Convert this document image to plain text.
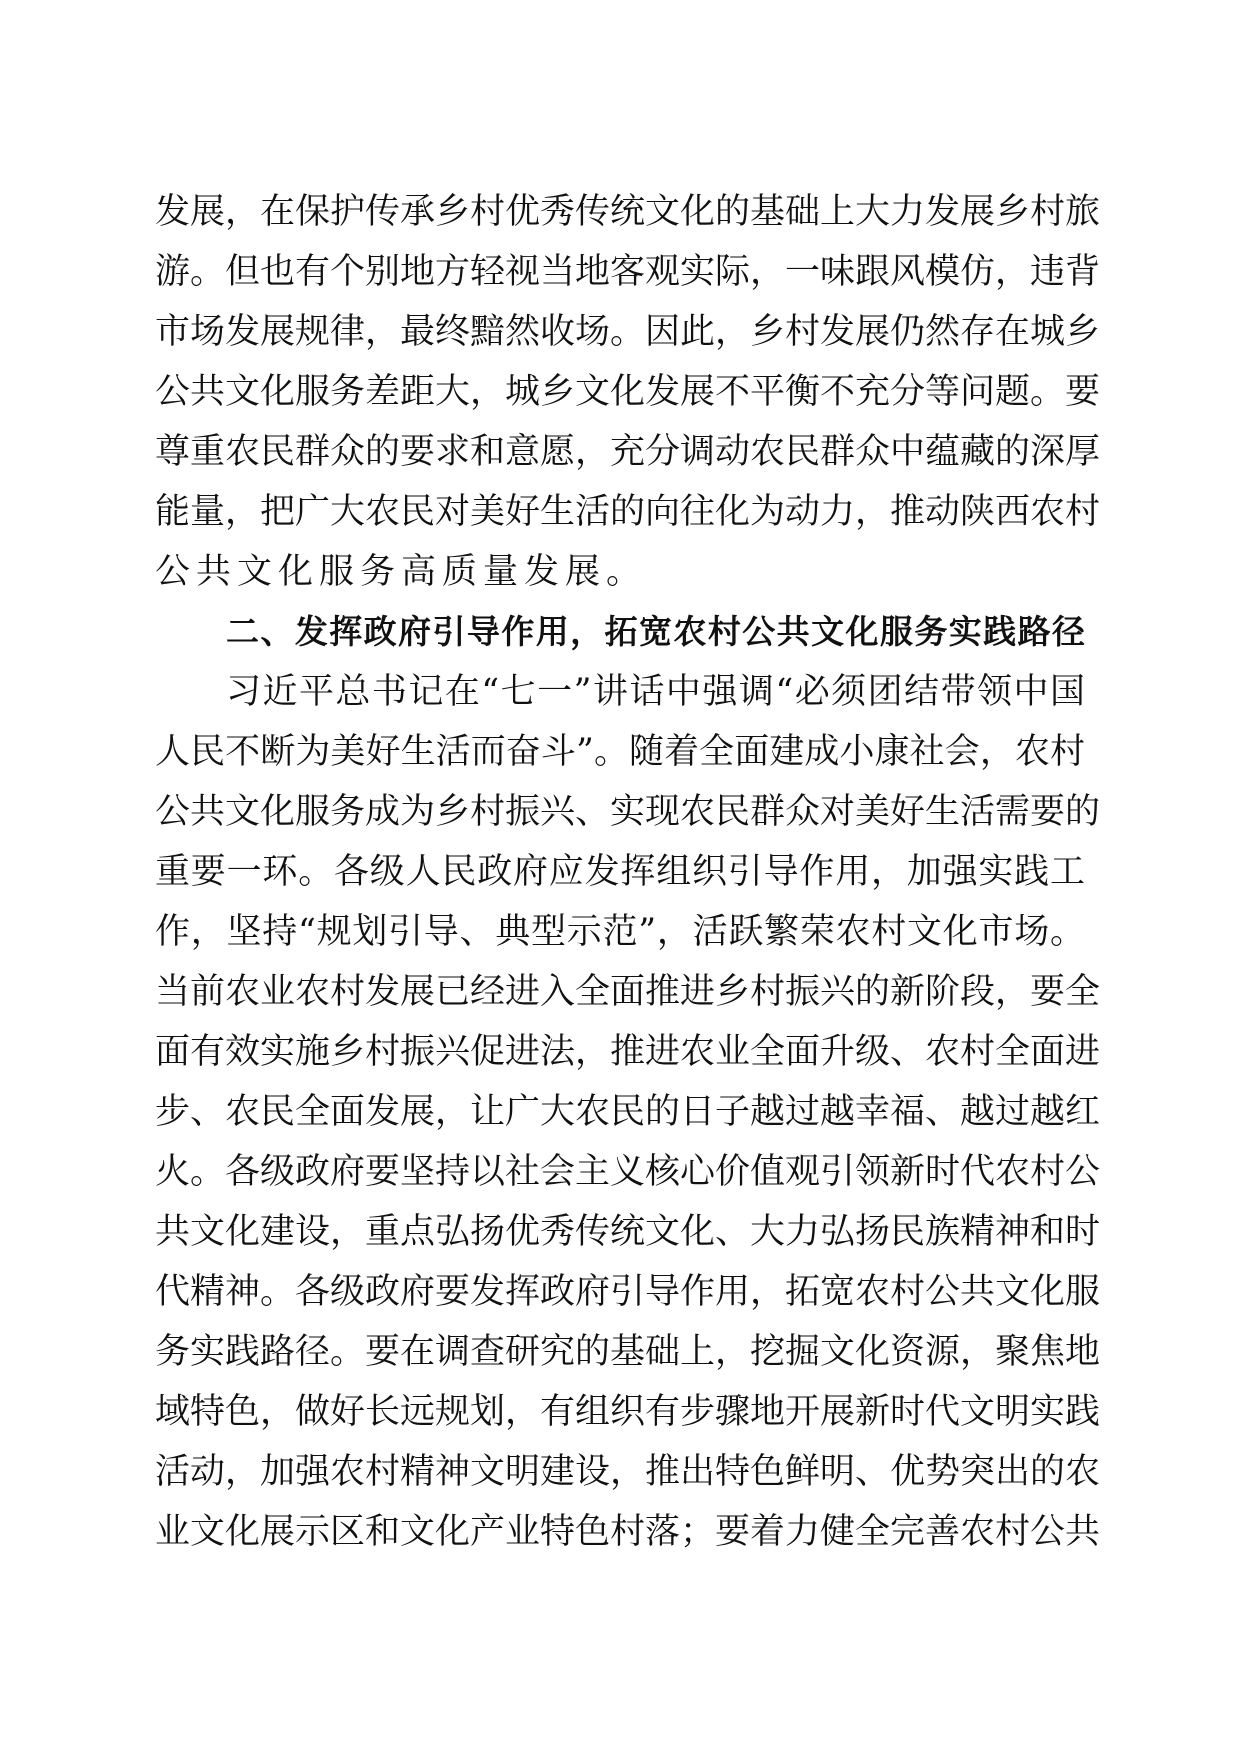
发展，在保护传承乡村优秀传统文化的基础上大力发展乡村旅
游。但也有个别地方轻视当地客观实际，一味跟风模仿，违背
市场发展规律，最终黯然收场。因此，乡村发展仍然存在城乡
公共文化服务差距大，城乡文化发展不平衡不充分等问题。要
尊重农民群众的要求和意愿，充分调动农民群众中蕴藏的深厚
能量，把广大农民对美好生活的向往化为动力，推动陕西农村
公共文化服务高质量发展。
二、发挥政府引导作用，拓宽农村公共文化服务实践路径
习近平总书记在“七一”讲话中强调“必须团结带领中国
人民不断为美好生活而奋斗”。随着全面建成小康社会，农村
公共文化服务成为乡村振兴、实现农民群众对美好生活需要的
重要一环。各级人民政府应发挥组织引导作用，加强实践工
作，坚持“规划引导、典型示范”，活跃繁荣农村文化市场。
当前农业农村发展已经进入全面推进乡村振兴的新阶段，要全
面有效实施乡村振兴促进法，推进农业全面升级、农村全面进
步、农民全面发展，让广大农民的日子越过越幸福、越过越红
火。各级政府要坚持以社会主义核心价值观引领新时代农村公
共文化建设，重点弘扬优秀传统文化、大力弘扬民族精神和时
代精神。各级政府要发挥政府引导作用，拓宽农村公共文化服
务实践路径。要在调查研究的基础上，挖掘文化资源，聚焦地
域特色，做好长远规划，有组织有步骤地开展新时代文明实践
活动，加强农村精神文明建设，推出特色鲜明、优势突出的农
业文化展示区和文化产业特色村落；要着力健全完善农村公共
